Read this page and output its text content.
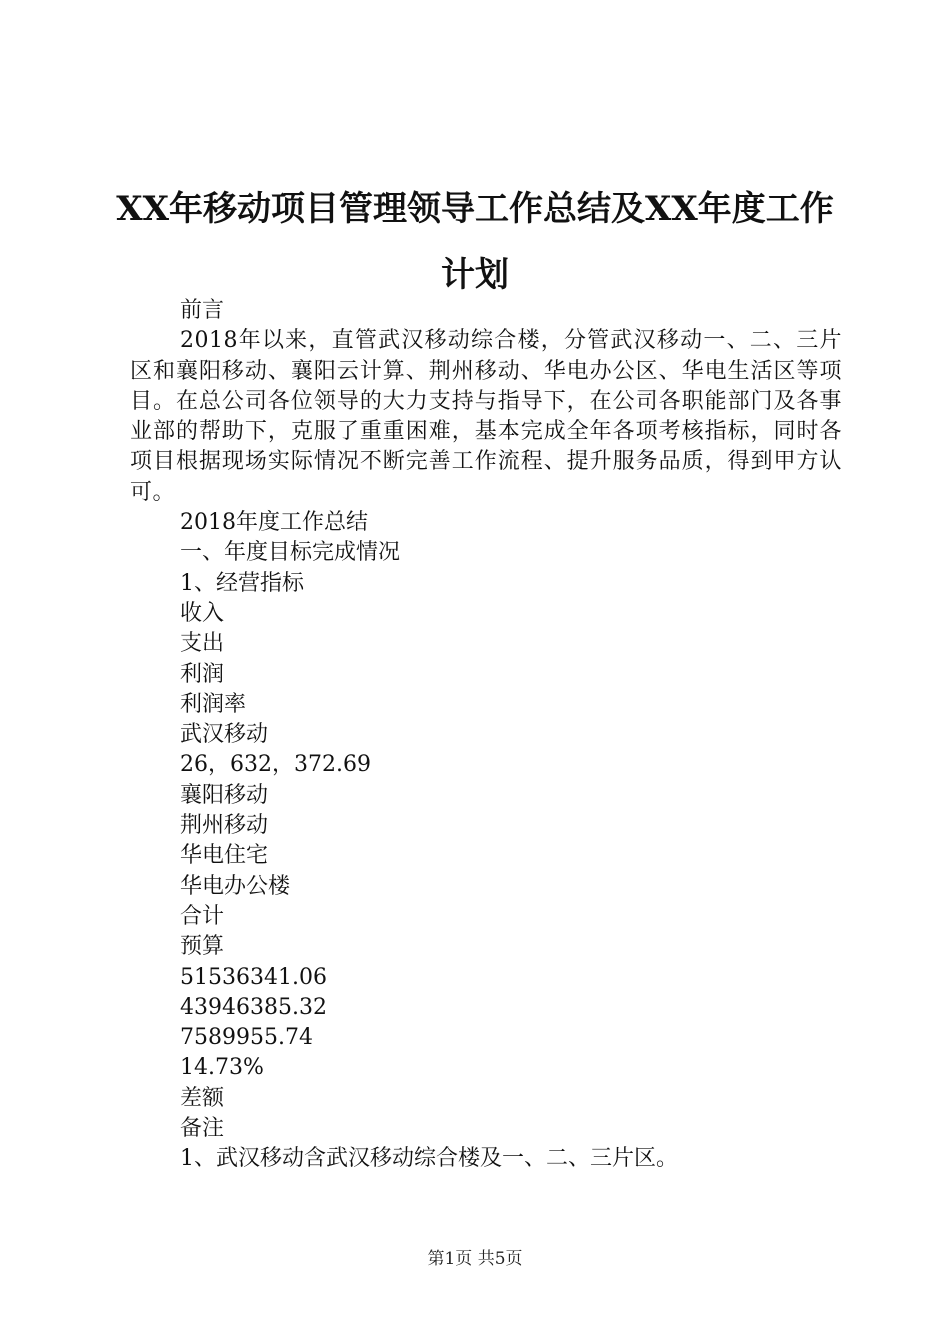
XX年移动项目管理领导工作总结及XX年度工作计划

前言

2018年以来，直管武汉移动综合楼，分管武汉移动一、二、三片区和襄阳移动、襄阳云计算、荆州移动、华电办公区、华电生活区等项目。在总公司各位领导的大力支持与指导下，在公司各职能部门及各事业部的帮助下，克服了重重困难，基本完成全年各项考核指标，同时各项目根据现场实际情况不断完善工作流程、提升服务品质，得到甲方认可。

2018年度工作总结

一、年度目标完成情况

1、经营指标

收入

支出

利润

利润率

武汉移动

26，632，372.69

襄阳移动

荆州移动

华电住宅

华电办公楼

合计

预算

51536341.06

43946385.32

7589955.74

14.73%

差额

备注

1、武汉移动含武汉移动综合楼及一、二、三片区。

第1页 共5页
